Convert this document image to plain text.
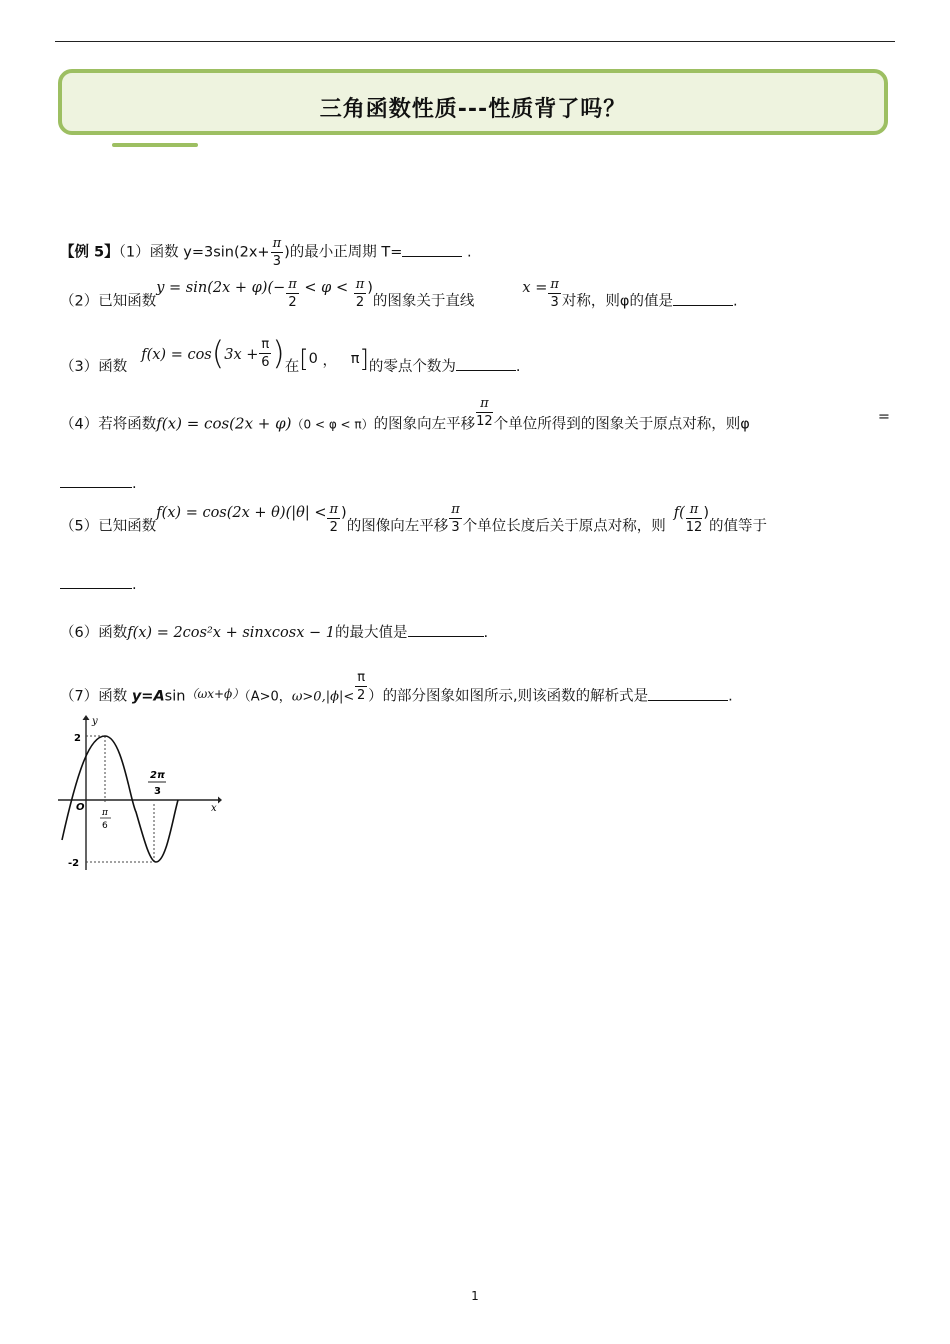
三角函数性质---性质背了吗？
【例 5】（1）函数 $y=3\sin(2x+ \frac{\pi}{3}$ )的最小正周期 T=	.
（2）已知函数$y = \sin(2x + \varphi)(- \frac{\pi}{2} < \varphi < \frac{\pi}{2}$ )的图象关于直线$x = \frac{\pi}{3}$ 对称，则φ的值是	.
（3）函数$f(x) = \cos(3x + \frac{\pi}{6}$ )在[0 ， π]的零点个数为	.
（4）若将函数f(x) = cos(2x + φ)（0 < φ < π）的图象向左平移 $\frac{\pi}{12}$ 个单位所得到的图象关于原点对称，则φ	=
.
（5）已知函数$f(x) = \cos(2x + \theta)(|\theta| < \frac{\pi}{2}$ )的图像向左平移 $\frac{\pi}{3}$ 个单位长度后关于原点对称，则$f( \frac{\pi}{12}$ )的值等于
.
（6）函数f(x) = 2cos²x + sinxcosx − 1的最大值是	.
（7）函数 y=Asin$^{(\omega x+\phi)}$（A>0，$\omega>0,|\phi|< \frac{\pi}{2}$ ）的部分图象如图所示,则该函数的解析式是	.
y
x
O
2
-2
π
6
2π
3
1
